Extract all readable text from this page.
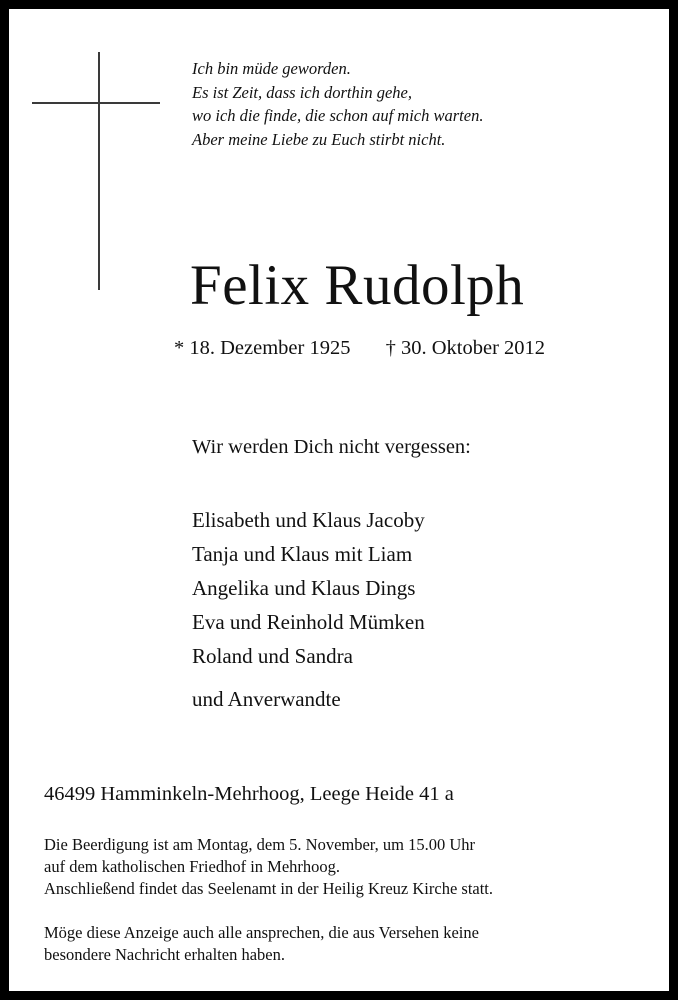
Ich bin müde geworden.
Es ist Zeit, dass ich dorthin gehe,
wo ich die finde, die schon auf mich warten.
Aber meine Liebe zu Euch stirbt nicht.
Felix Rudolph
* 18. Dezember 1925 † 30. Oktober 2012
Wir werden Dich nicht vergessen:
Elisabeth und Klaus Jacoby
Tanja und Klaus mit Liam
Angelika und Klaus Dings
Eva und Reinhold Mümken
Roland und Sandra
und Anverwandte
46499 Hamminkeln-Mehrhoog, Leege Heide 41 a
Die Beerdigung ist am Montag, dem 5. November, um 15.00 Uhr
auf dem katholischen Friedhof in Mehrhoog.
Anschließend findet das Seelenamt in der Heilig Kreuz Kirche statt.
Möge diese Anzeige auch alle ansprechen, die aus Versehen keine
besondere Nachricht erhalten haben.
